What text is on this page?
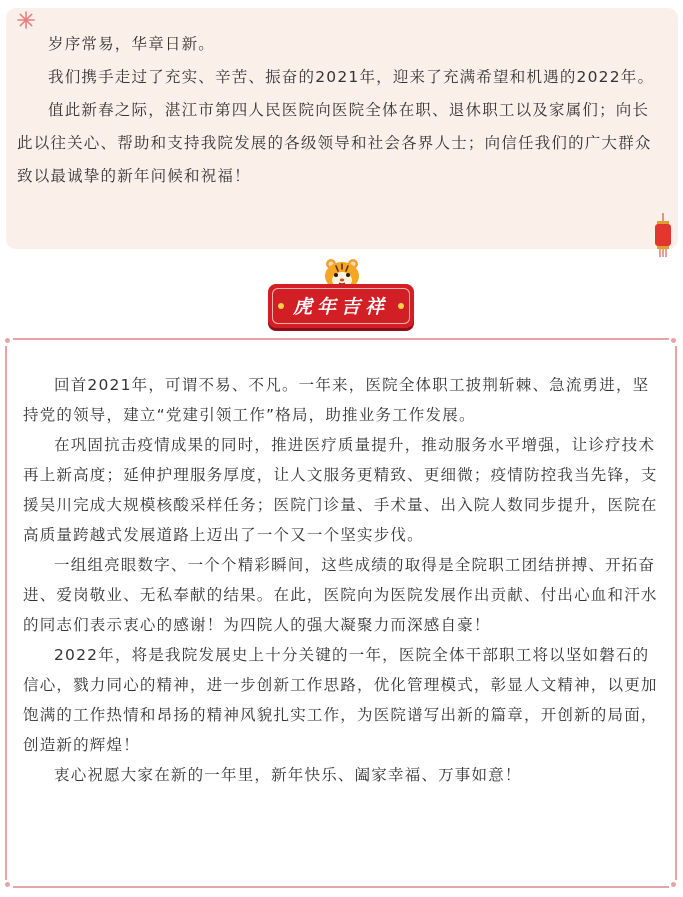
岁序常易，华章日新。

我们携手走过了充实、辛苦、振奋的2021年，迎来了充满希望和机遇的2022年。

值此新春之际，湛江市第四人民医院向医院全体在职、退休职工以及家属们；向长此以往关心、帮助和支持我院发展的各级领导和社会各界人士；向信任我们的广大群众致以最诚挚的新年问候和祝福！

虎年吉祥

回首2021年，可谓不易、不凡。一年来，医院全体职工披荆斩棘、急流勇进，坚持党的领导，建立“党建引领工作”格局，助推业务工作发展。

在巩固抗击疫情成果的同时，推进医疗质量提升，推动服务水平增强，让诊疗技术再上新高度；延伸护理服务厚度，让人文服务更精致、更细微；疫情防控我当先锋，支援吴川完成大规模核酸采样任务；医院门诊量、手术量、出入院人数同步提升，医院在高质量跨越式发展道路上迈出了一个又一个坚实步伐。

一组组亮眼数字、一个个精彩瞬间，这些成绩的取得是全院职工团结拼搏、开拓奋进、爱岗敬业、无私奉献的结果。在此，医院向为医院发展作出贡献、付出心血和汗水的同志们表示衷心的感谢！为四院人的强大凝聚力而深感自豪！

2022年，将是我院发展史上十分关键的一年，医院全体干部职工将以坚如磐石的信心，戮力同心的精神，进一步创新工作思路，优化管理模式，彰显人文精神，以更加饱满的工作热情和昂扬的精神风貌扎实工作，为医院谱写出新的篇章，开创新的局面，创造新的辉煌！

衷心祝愿大家在新的一年里，新年快乐、阖家幸福、万事如意！
